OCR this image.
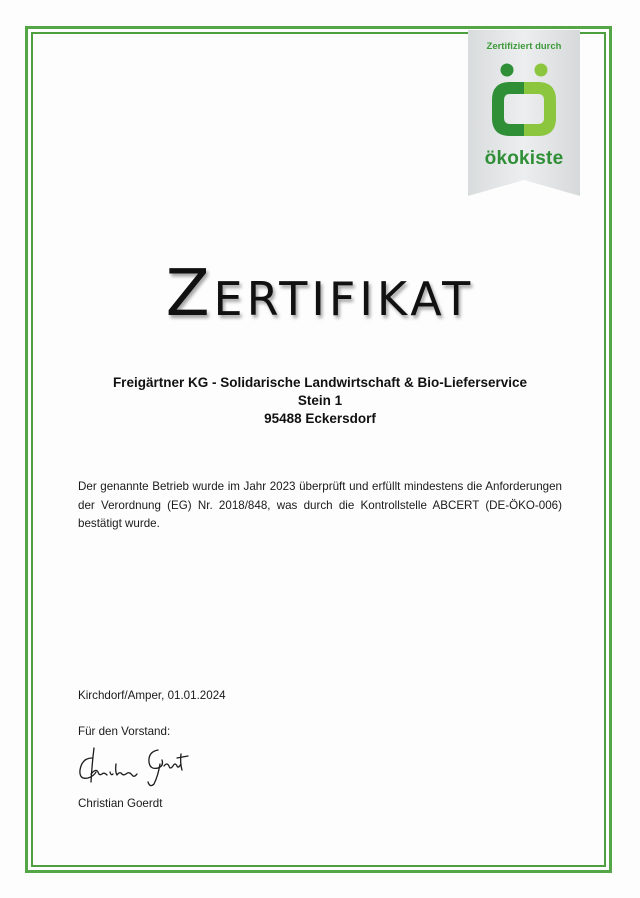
Zertifiziert durch
ökokiste
ZERTIFIKAT
Freigärtner KG - Solidarische Landwirtschaft & Bio-Lieferservice
Stein 1
95488 Eckersdorf
Der genannte Betrieb wurde im Jahr 2023 überprüft und erfüllt mindestens die Anforderungen der Verordnung (EG) Nr. 2018/848, was durch die Kontrollstelle ABCERT (DE-ÖKO-006) bestätigt wurde.
Kirchdorf/Amper, 01.01.2024
Für den Vorstand:
Christian Goerdt
